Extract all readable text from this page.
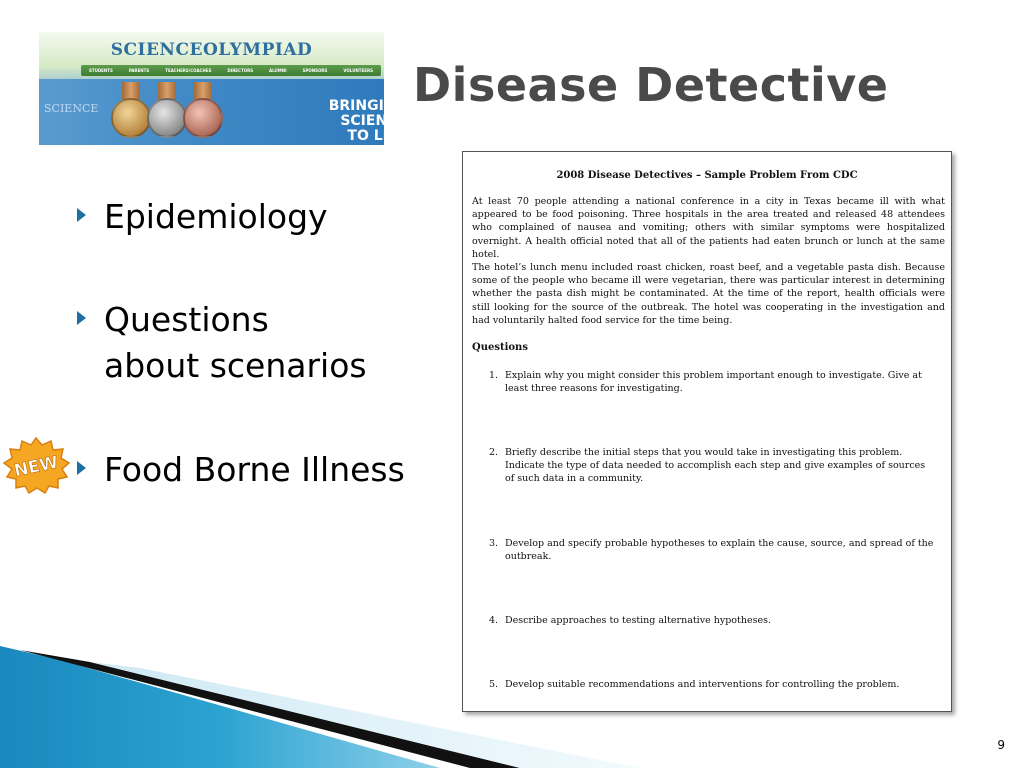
SCIENCEOLYMPIAD
STUDENTS	PARENTS	TEACHERS/COACHES	DIRECTORS	ALUMNI	SPONSORS	VOLUNTEERS
SCIENCE	BRINGING SCIENCE
TO LIFE
Disease Detective
Epidemiology
Questions
about scenarios
Food Borne Illness
NEW
2008 Disease Detectives – Sample Problem From CDC
At least 70 people attending a national conference in a city in Texas became ill with what appeared to be food poisoning. Three hospitals in the area treated and released 48 attendees who complained of nausea and vomiting; others with similar symptoms were hospitalized overnight. A health official noted that all of the patients had eaten brunch or lunch at the same hotel.
The hotel’s lunch menu included roast chicken, roast beef, and a vegetable pasta dish. Because some of the people who became ill were vegetarian, there was particular interest in determining whether the pasta dish might be contaminated. At the time of the report, health officials were still looking for the source of the outbreak. The hotel was cooperating in the investigation and had voluntarily halted food service for the time being.
Questions
1. Explain why you might consider this problem important enough to investigate. Give at least three reasons for investigating.
2. Briefly describe the initial steps that you would take in investigating this problem. Indicate the type of data needed to accomplish each step and give examples of sources of such data in a community.
3. Develop and specify probable hypotheses to explain the cause, source, and spread of the outbreak.
4. Describe approaches to testing alternative hypotheses.
5. Develop suitable recommendations and interventions for controlling the problem.
9
